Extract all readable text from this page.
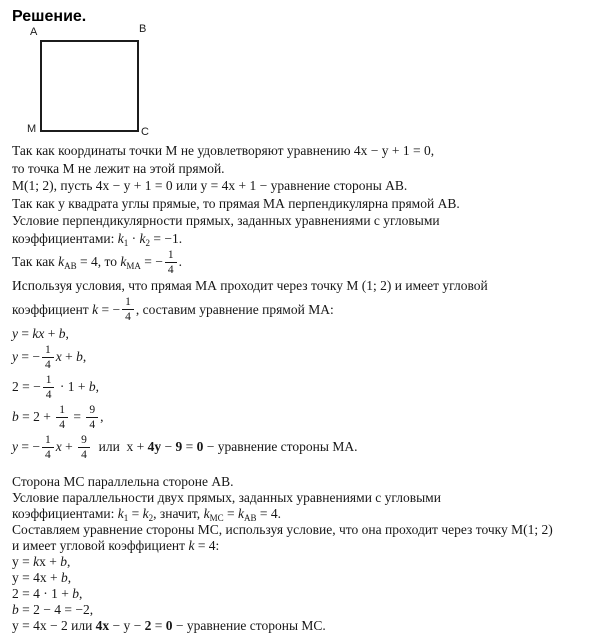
Решение.
A	B
M	C
Так как координаты точки М не удовлетворяют уравнению 4x − y + 1 = 0,
то точка М не лежит на этой прямой.
М(1; 2), пусть 4x − y + 1 = 0 или y = 4x + 1 − уравнение стороны АВ.
Так как у квадрата углы прямые, то прямая МА перпендикулярна прямой АВ.
Условие перпендикулярности прямых, заданных уравнениями с угловыми
коэффициентами: $k_1 \cdot k_2 = -1$.
Так как $k_{АВ} = 4$, то $k_{МА}$ = − $\frac{1}{4}$ .
Используя условия, что прямая МА проходит через точку М (1; 2) и имеет угловой
коэффициент k = − $\frac{1}{4}$ , составим уравнение прямой МА:
y = kx + b,
y = − $\frac{1}{4}$ x + b ,
2 = − $\frac{1}{4} \cdot 1 + b$ ,
$b = 2 + \frac{1}{4} = \frac{9}{4}$ ,
y = − $\frac{1}{4}$ $x + \frac{9}{4}$ или  x + 4y − 9 = 0 − уравнение стороны МА.
Сторона МС параллельна стороне АВ.
Условие параллельности двух прямых, заданных уравнениями с угловыми
коэффициентами: $k_1 = k_2$, значит, $k_{МС} = k_{АВ} = 4$.
Составляем уравнение стороны МС, используя условие, что она проходит через точку М(1; 2)
и имеет угловой коэффициент k = 4:
y = kx + b,
y = 4x + b,
2 = 4 · 1 + b,
b = 2 − 4 = −2,
y = 4x − 2 или 4x − y − 2 = 0 − уравнение стороны МС.
